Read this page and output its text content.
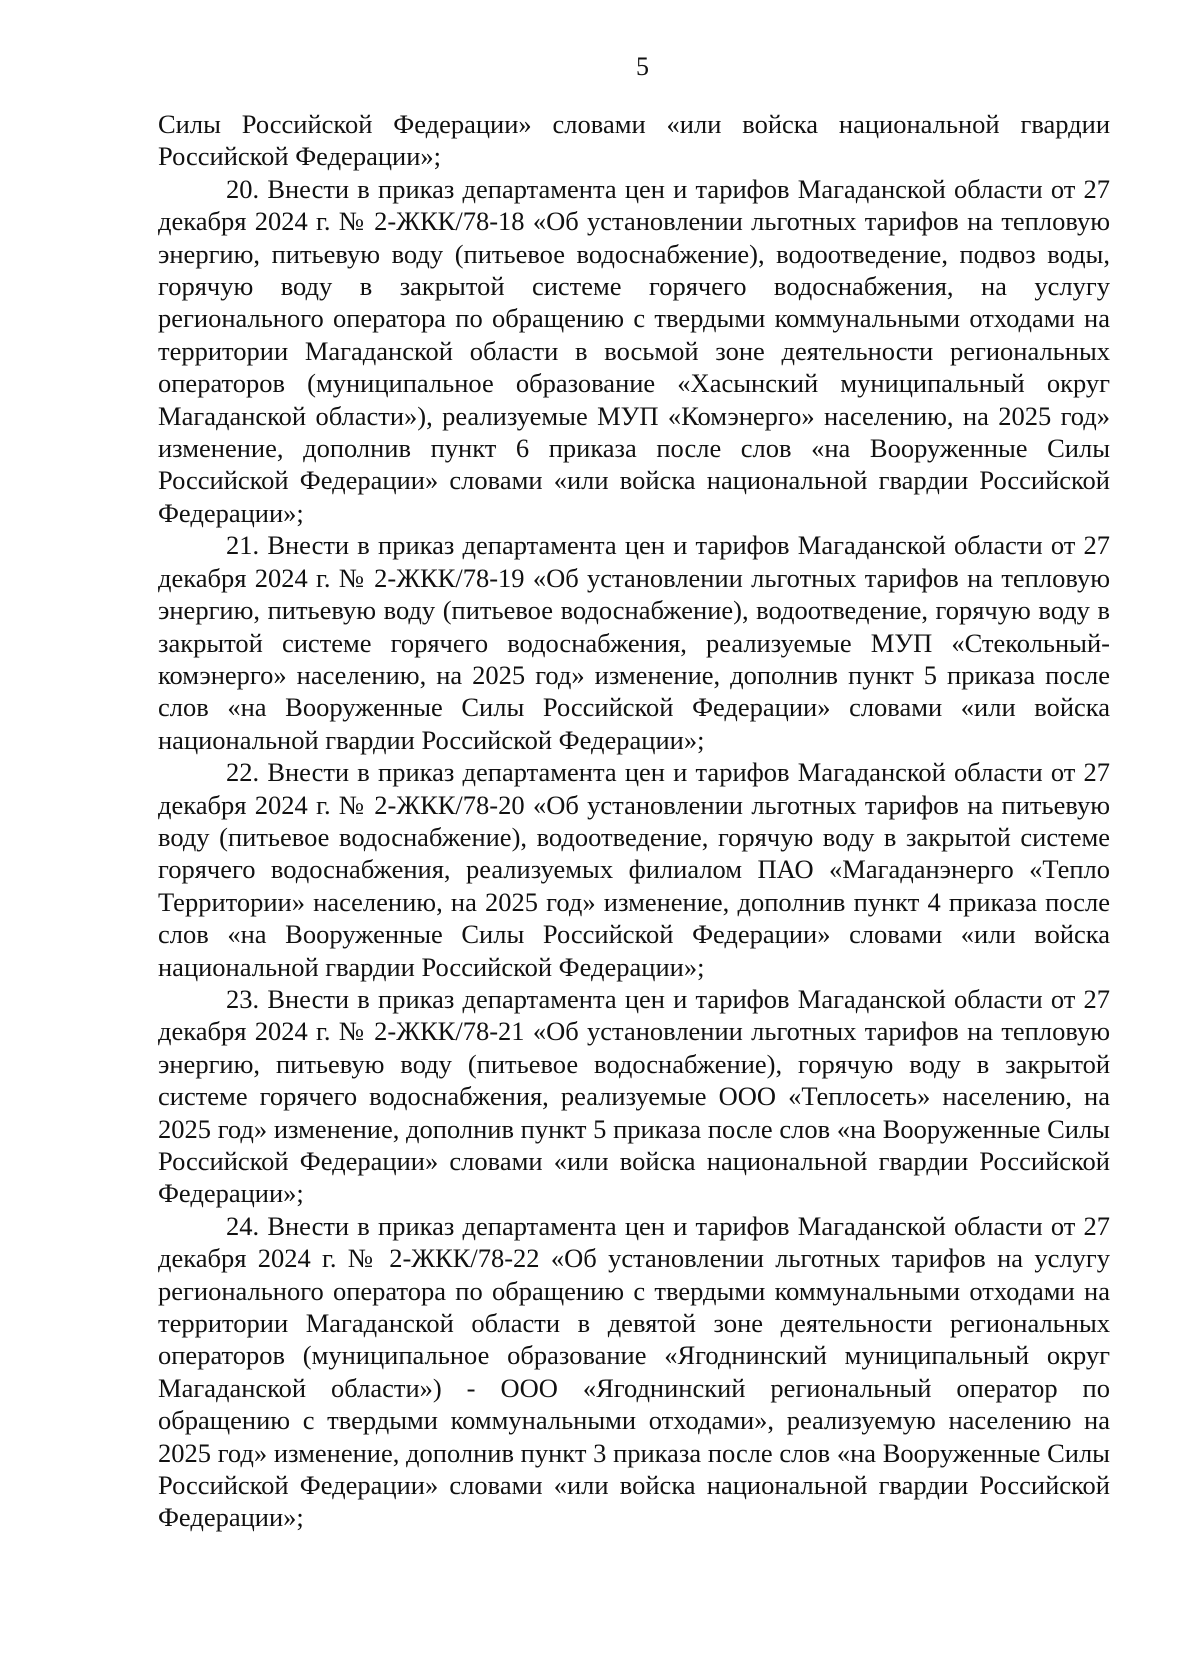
5

Силы Российской Федерации» словами «или войска национальной гвардии Российской Федерации»;

20. Внести в приказ департамента цен и тарифов Магаданской области от 27 декабря 2024 г. № 2-ЖКК/78-18 «Об установлении льготных тарифов на тепловую энергию, питьевую воду (питьевое водоснабжение), водоотведение, подвоз воды, горячую воду в закрытой системе горячего водоснабжения, на услугу регионального оператора по обращению с твердыми коммунальными отходами на территории Магаданской области в восьмой зоне деятельности региональных операторов (муниципальное образование «Хасынский муниципальный округ Магаданской области»), реализуемые МУП «Комэнерго» населению, на 2025 год» изменение, дополнив пункт 6 приказа после слов «на Вооруженные Силы Российской Федерации» словами «или войска национальной гвардии Российской Федерации»;

21. Внести в приказ департамента цен и тарифов Магаданской области от 27 декабря 2024 г. № 2-ЖКК/78-19 «Об установлении льготных тарифов на тепловую энергию, питьевую воду (питьевое водоснабжение), водоотведение, горячую воду в закрытой системе горячего водоснабжения, реализуемые МУП «Стекольный-комэнерго» населению, на 2025 год» изменение, дополнив пункт 5 приказа после слов «на Вооруженные Силы Российской Федерации» словами «или войска национальной гвардии Российской Федерации»;

22. Внести в приказ департамента цен и тарифов Магаданской области от 27 декабря 2024 г. № 2-ЖКК/78-20 «Об установлении льготных тарифов на питьевую воду (питьевое водоснабжение), водоотведение, горячую воду в закрытой системе горячего водоснабжения, реализуемых филиалом ПАО «Магаданэнерго «Тепло Территории» населению, на 2025 год» изменение, дополнив пункт 4 приказа после слов «на Вооруженные Силы Российской Федерации» словами «или войска национальной гвардии Российской Федерации»;

23. Внести в приказ департамента цен и тарифов Магаданской области от 27 декабря 2024 г. № 2-ЖКК/78-21 «Об установлении льготных тарифов на тепловую энергию, питьевую воду (питьевое водоснабжение), горячую воду в закрытой системе горячего водоснабжения, реализуемые ООО «Теплосеть» населению, на 2025 год» изменение, дополнив пункт 5 приказа после слов «на Вооруженные Силы Российской Федерации» словами «или войска национальной гвардии Российской Федерации»;

24. Внести в приказ департамента цен и тарифов Магаданской области от 27 декабря 2024 г. № 2-ЖКК/78-22 «Об установлении льготных тарифов на услугу регионального оператора по обращению с твердыми коммунальными отходами на территории Магаданской области в девятой зоне деятельности региональных операторов (муниципальное образование «Ягоднинский муниципальный округ Магаданской области») - ООО «Ягоднинский региональный оператор по обращению с твердыми коммунальными отходами», реализуемую населению на 2025 год» изменение, дополнив пункт 3 приказа после слов «на Вооруженные Силы Российской Федерации» словами «или войска национальной гвардии Российской Федерации»;
